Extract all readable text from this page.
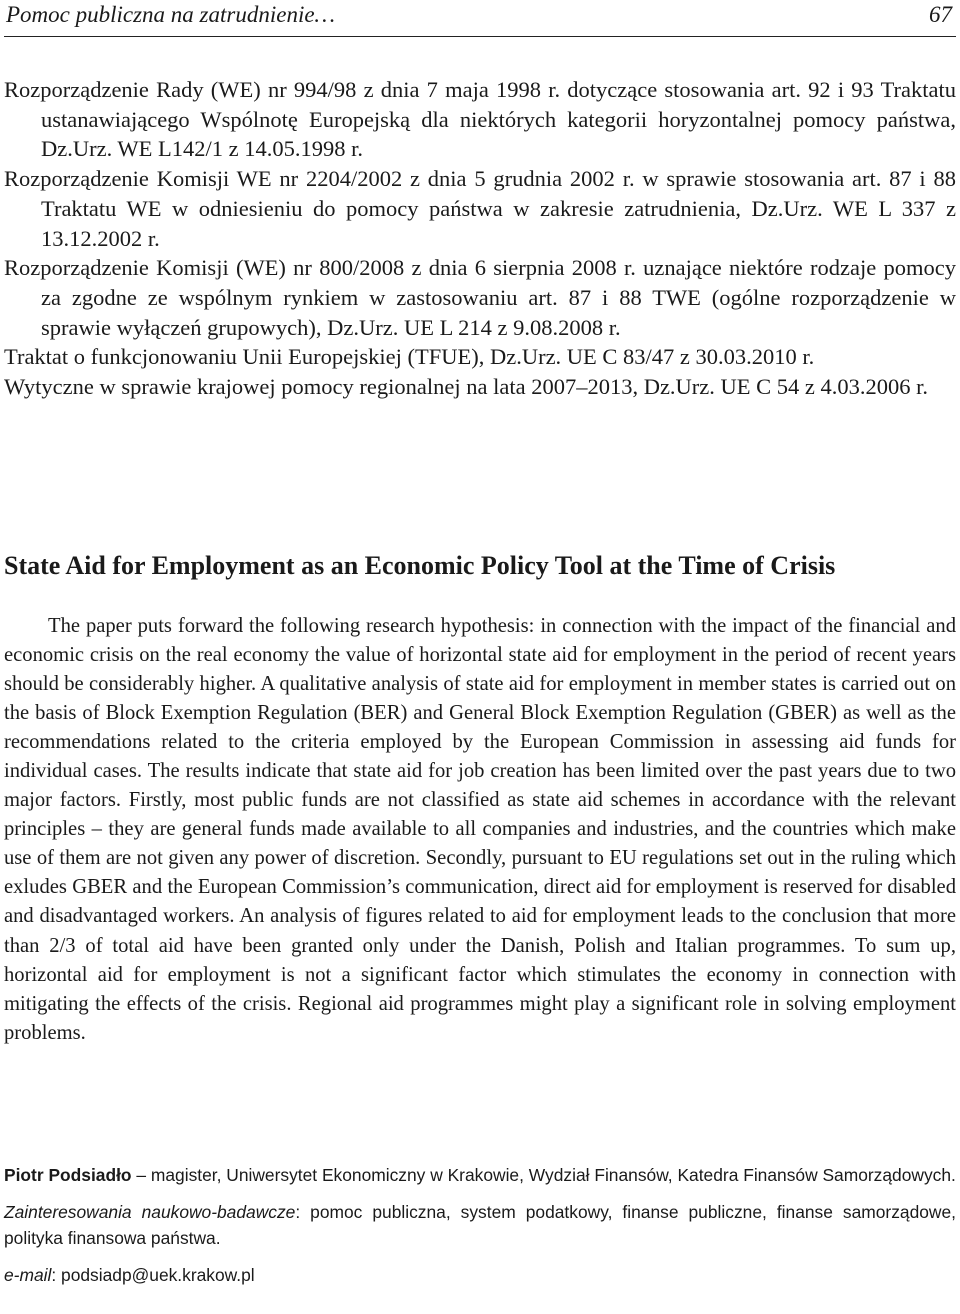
Pomoc publiczna na zatrudnienie…	67

Rozporządzenie Rady (WE) nr 994/98 z dnia 7 maja 1998 r. dotyczące stosowania art. 92 i 93 Traktatu ustanawiającego Wspólnotę Europejską dla niektórych kategorii horyzontalnej pomocy państwa, Dz.Urz. WE L142/1 z 14.05.1998 r.

Rozporządzenie Komisji WE nr 2204/2002 z dnia 5 grudnia 2002 r. w sprawie stosowania art. 87 i 88 Traktatu WE w odniesieniu do pomocy państwa w zakresie zatrudnienia, Dz.Urz. WE L 337 z 13.12.2002 r.

Rozporządzenie Komisji (WE) nr 800/2008 z dnia 6 sierpnia 2008 r. uznające niektóre rodzaje pomocy za zgodne ze wspólnym rynkiem w zastosowaniu art. 87 i 88 TWE (ogólne rozporządzenie w sprawie wyłączeń grupowych), Dz.Urz. UE L 214 z 9.08.2008 r.

Traktat o funkcjonowaniu Unii Europejskiej (TFUE), Dz.Urz. UE C 83/47 z 30.03.2010 r.

Wytyczne w sprawie krajowej pomocy regionalnej na lata 2007–2013, Dz.Urz. UE C 54 z 4.03.2006 r.

State Aid for Employment as an Economic Policy Tool at the Time of Crisis

The paper puts forward the following research hypothesis: in connection with the impact of the financial and economic crisis on the real economy the value of horizontal state aid for employment in the period of recent years should be considerably higher. A qualitative analysis of state aid for employment in member states is carried out on the basis of Block Exemption Regulation (BER) and General Block Exemption Regulation (GBER) as well as the recommendations related to the criteria employed by the European Commission in assessing aid funds for individual cases. The results indicate that state aid for job creation has been limited over the past years due to two major factors. Firstly, most public funds are not classified as state aid schemes in accordance with the relevant principles – they are general funds made available to all companies and industries, and the countries which make use of them are not given any power of discretion. Secondly, pursuant to EU regulations set out in the ruling which exludes GBER and the European Commission’s communication, direct aid for employment is reserved for disabled and disadvantaged workers. An analysis of figures related to aid for employment leads to the conclusion that more than 2/3 of total aid have been granted only under the Danish, Polish and Italian programmes. To sum up, horizontal aid for employment is not a significant factor which stimulates the economy in connection with mitigating the effects of the crisis. Regional aid programmes might play a significant role in solving employment problems.

Piotr Podsiadło – magister, Uniwersytet Ekonomiczny w Krakowie, Wydział Finansów, Katedra Finansów Samorządowych.

Zainteresowania naukowo-badawcze: pomoc publiczna, system podatkowy, finanse publiczne, finanse samorządowe, polityka finansowa państwa.

e-mail: podsiadp@uek.krakow.pl
